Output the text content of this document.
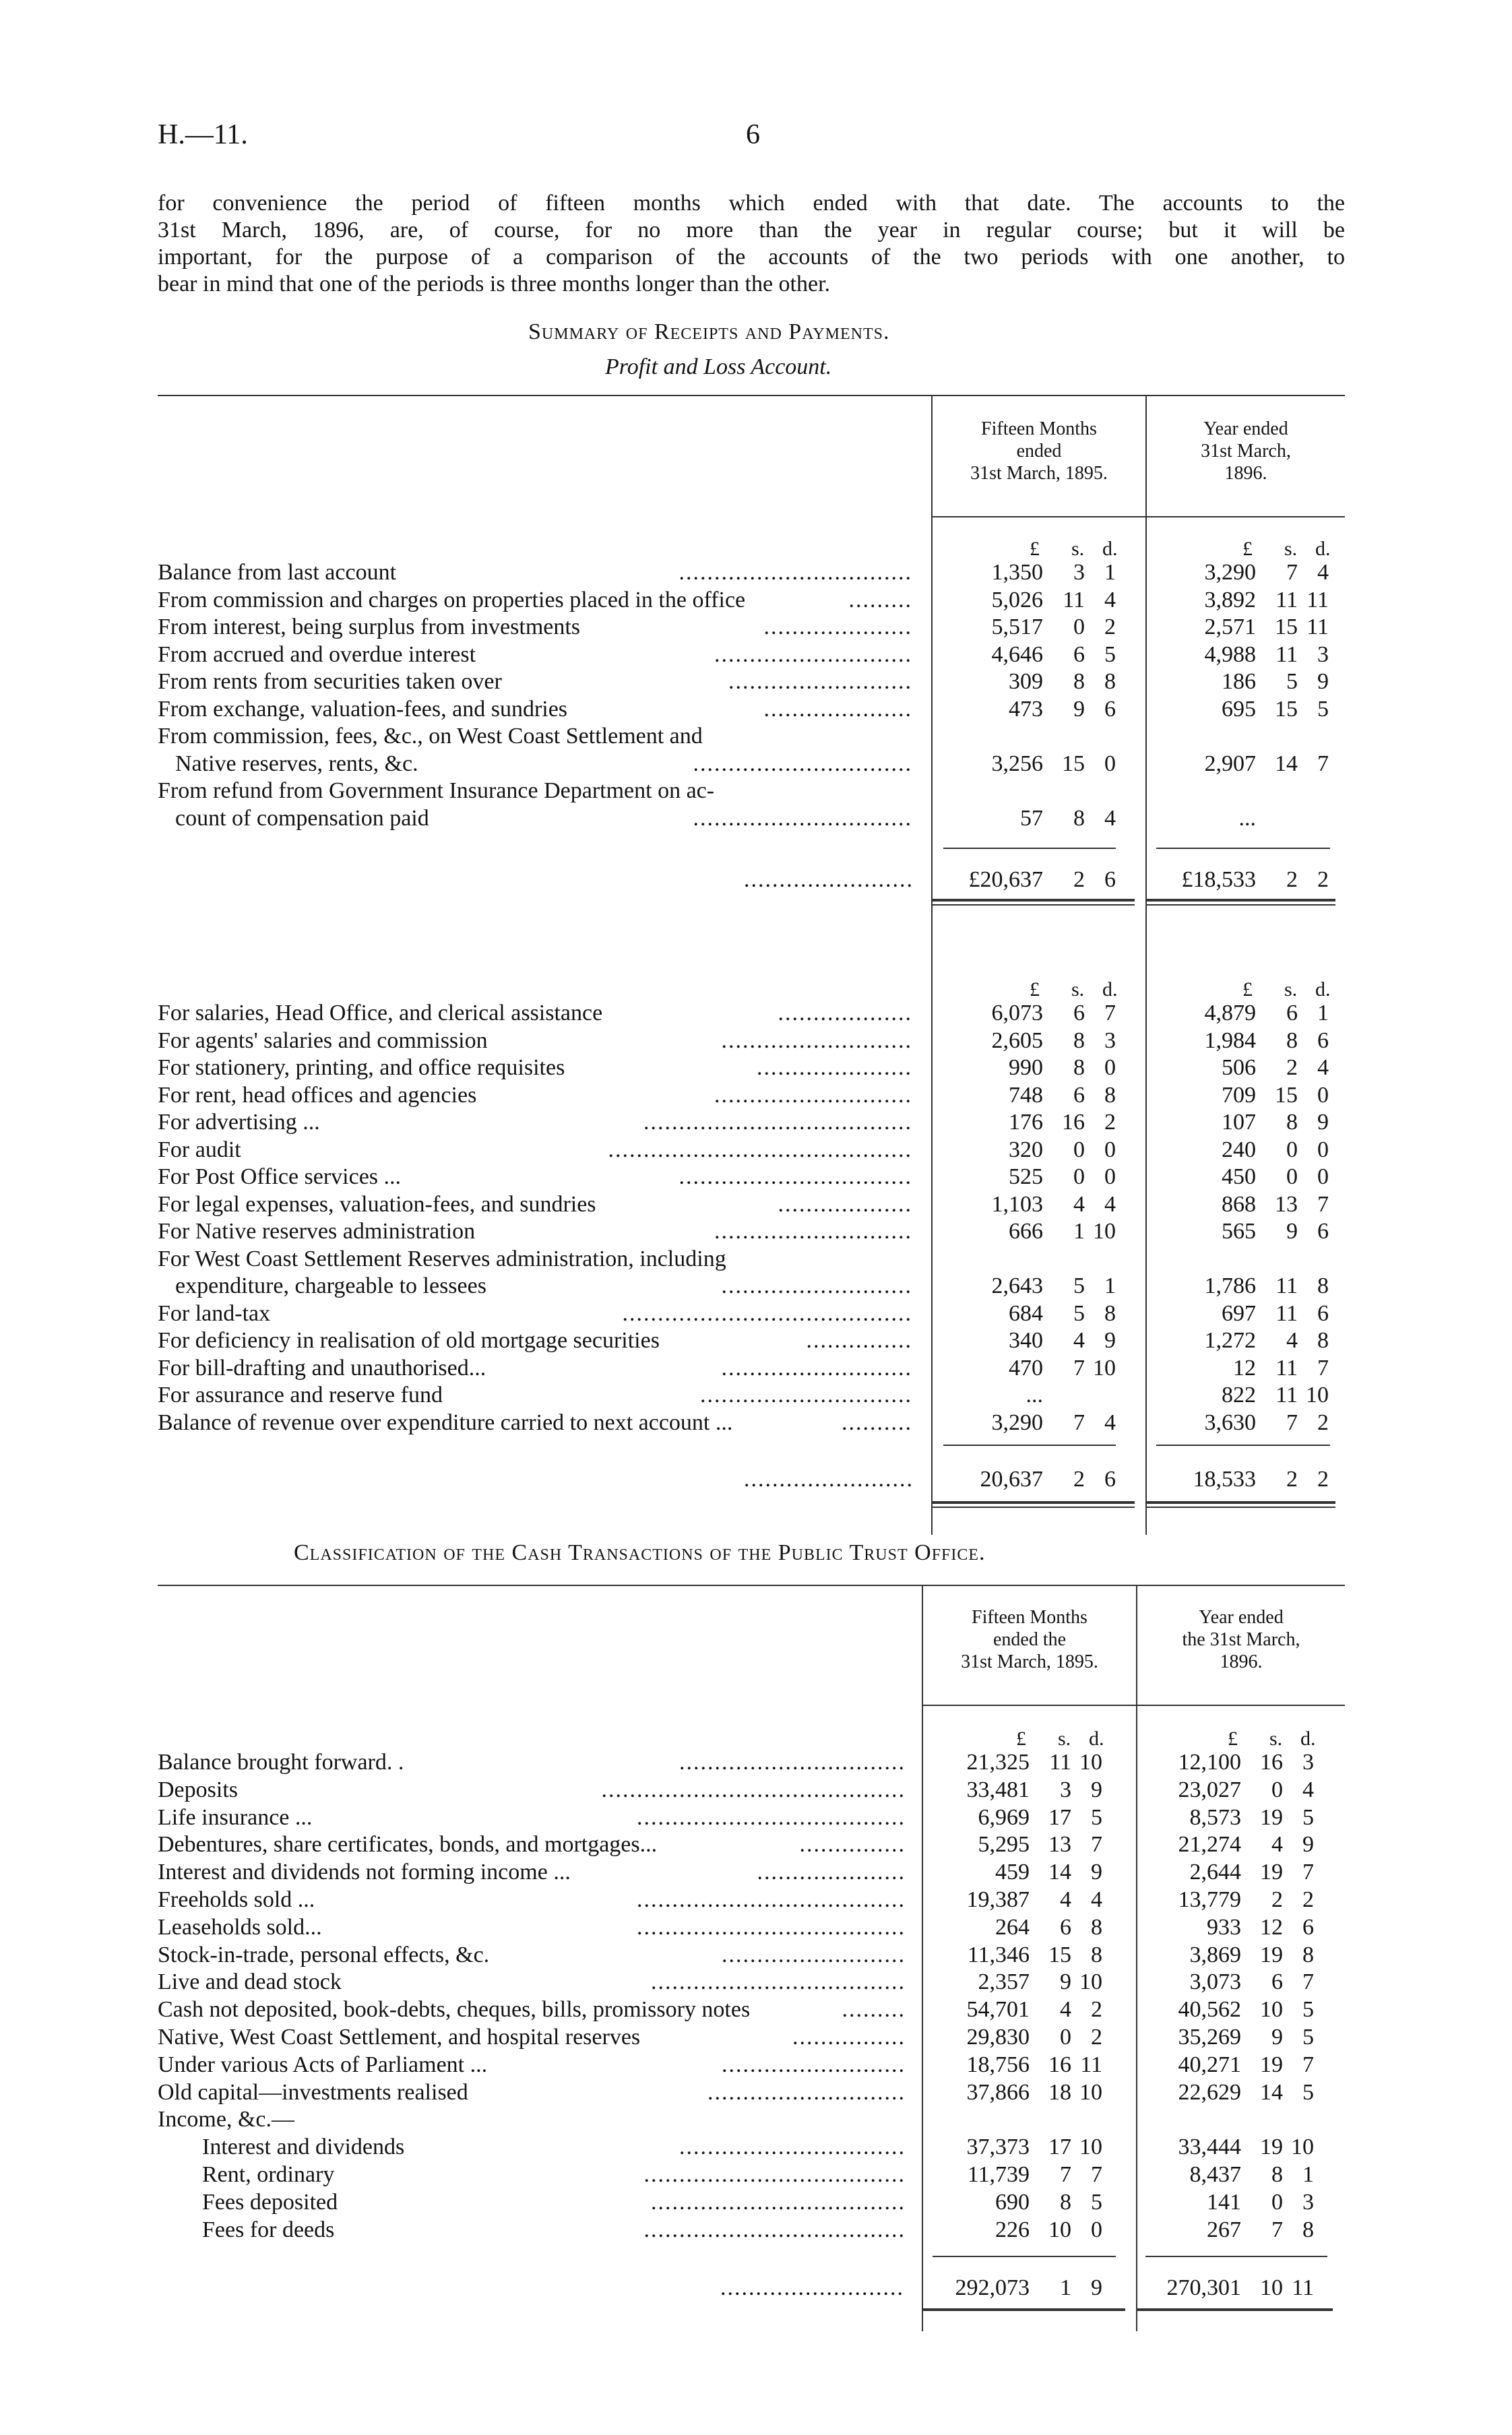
H.—11.	6
for convenience the period of fifteen months which ended with that date. The accounts to the
31st March, 1896, are, of course, for no more than the year in regular course; but it will be
important, for the purpose of a comparison of the accounts of the two periods with one another, to
bear in mind that one of the periods is three months longer than the other.
Summary of Receipts and Payments.
Profit and Loss Account.
Fifteen Months
ended
31st March, 1895.
Year ended
31st March,
1896.
£ s. d.	£ s. d.
Balance from last account	.................................	1,350 3 1	3,290 7 4
From commission and charges on properties placed in the office	.........	5,026 11 4	3,892 11 11
From interest, being surplus from investments	.....................	5,517 0 2	2,571 15 11
From accrued and overdue interest	............................	4,646 6 5	4,988 11 3
From rents from securities taken over	..........................	309 8 8	186 5 9
From exchange, valuation-fees, and sundries	.....................	473 9 6	695 15 5
From commission, fees, &c., on West Coast Settlement and
Native reserves, rents, &c.	...............................	3,256 15 0	2,907 14 7
From refund from Government Insurance Department on ac-
count of compensation paid	...............................	57 8 4	...
........................ £20,637 2 6	£18,533 2 2
£ s. d.	£ s. d.
For salaries, Head Office, and clerical assistance	...................	6,073 6 7	4,879 6 1
For agents' salaries and commission	...........................	2,605 8 3	1,984 8 6
For stationery, printing, and office requisites	......................	990 8 0	506 2 4
For rent, head offices and agencies	............................	748 6 8	709 15 0
For advertising ...	......................................	176 16 2	107 8 9
For audit	...........................................	320 0 0	240 0 0
For Post Office services ...	.................................	525 0 0	450 0 0
For legal expenses, valuation-fees, and sundries	...................	1,103 4 4	868 13 7
For Native reserves administration	............................	666 1 10	565 9 6
For West Coast Settlement Reserves administration, including
expenditure, chargeable to lessees	...........................	2,643 5 1	1,786 11 8
For land-tax	.........................................	684 5 8	697 11 6
For deficiency in realisation of old mortgage securities	...............	340 4 9	1,272 4 8
For bill-drafting and unauthorised...	...........................	470 7 10	12 11 7
For assurance and reserve fund	..............................	...	822 11 10
Balance of revenue over expenditure carried to next account ...	..........	3,290 7 4	3,630 7 2
........................	20,637 2 6	18,533 2 2
Classification of the Cash Transactions of the Public Trust Office.
Fifteen Months
ended the
31st March, 1895.
Year ended
the 31st March,
1896.
£ s. d.	£ s. d.
Balance brought forward. .	................................	21,325 11 10	12,100 16 3
Deposits	...........................................	33,481 3 9	23,027 0 4
Life insurance ...	......................................	6,969 17 5	8,573 19 5
Debentures, share certificates, bonds, and mortgages...	...............	5,295 13 7	21,274 4 9
Interest and dividends not forming income ...	.....................	459 14 9	2,644 19 7
Freeholds sold ...	......................................	19,387 4 4	13,779 2 2
Leaseholds sold...	......................................	264 6 8	933 12 6
Stock-in-trade, personal effects, &c.	..........................	11,346 15 8	3,869 19 8
Live and dead stock	....................................	2,357 9 10	3,073 6 7
Cash not deposited, book-debts, cheques, bills, promissory notes	.........	54,701 4 2	40,562 10 5
Native, West Coast Settlement, and hospital reserves	................	29,830 0 2	35,269 9 5
Under various Acts of Parliament ...	..........................	18,756 16 11	40,271 19 7
Old capital—investments realised	............................	37,866 18 10	22,629 14 5
Income, &c.—
Interest and dividends	................................	37,373 17 10	33,444 19 10
Rent, ordinary	.....................................	11,739 7 7	8,437 8 1
Fees deposited	....................................	690 8 5	141 0 3
Fees for deeds	.....................................	226 10 0	267 7 8
.......................... 292,073 1 9	270,301 10 11
